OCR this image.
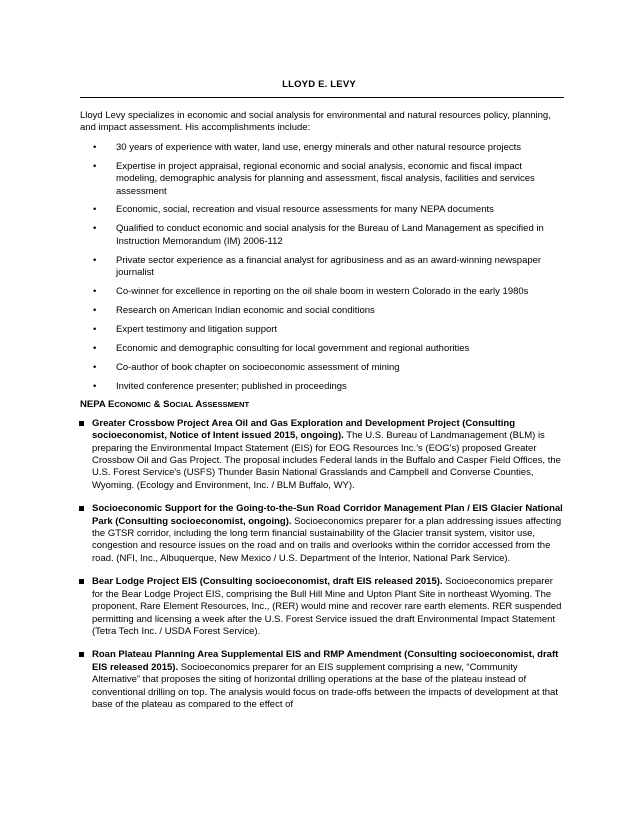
LLOYD E. LEVY

Lloyd Levy specializes in economic and social analysis for environmental and natural resources policy, planning, and impact assessment. His accomplishments include:

• 30 years of experience with water, land use, energy minerals and other natural resource projects
• Expertise in project appraisal, regional economic and social analysis, economic and fiscal impact modeling, demographic analysis for planning and assessment, fiscal analysis, facilities and services assessment
• Economic, social, recreation and visual resource assessments for many NEPA documents
• Qualified to conduct economic and social analysis for the Bureau of Land Management as specified in Instruction Memorandum (IM) 2006-112
• Private sector experience as a financial analyst for agribusiness and as an award-winning newspaper journalist
• Co-winner for excellence in reporting on the oil shale boom in western Colorado in the early 1980s
• Research on American Indian economic and social conditions
• Expert testimony and litigation support
• Economic and demographic consulting for local government and regional authorities
• Co-author of book chapter on socioeconomic assessment of mining
• Invited conference presenter; published in proceedings
NEPA ECONOMIC & SOCIAL ASSESSMENT
Greater Crossbow Project Area Oil and Gas Exploration and Development Project (Consulting socioeconomist, Notice of Intent issued 2015, ongoing). The U.S. Bureau of Landmanagement (BLM) is preparing the Environmental Impact Statement (EIS) for EOG Resources Inc.'s (EOG's) proposed Greater Crossbow Oil and Gas Project. The proposal includes Federal lands in the Buffalo and Casper Field Offices, the U.S. Forest Service's (USFS) Thunder Basin National Grasslands and Campbell and Converse Counties, Wyoming. (Ecology and Environment, Inc. / BLM Buffalo, WY).
Socioeconomic Support for the Going-to-the-Sun Road Corridor Management Plan / EIS Glacier National Park (Consulting socioeconomist, ongoing). Socioeconomics preparer for a plan addressing issues affecting the GTSR corridor, including the long term financial sustainability of the Glacier transit system, visitor use, congestion and resource issues on the road and on trails and overlooks within the corridor accessed from the road. (NFI, Inc., Albuquerque, New Mexico / U.S. Department of the Interior, National Park Service).
Bear Lodge Project EIS (Consulting socioeconomist, draft EIS released 2015). Socioeconomics preparer for the Bear Lodge Project EIS, comprising the Bull Hill Mine and Upton Plant Site in northeast Wyoming. The proponent, Rare Element Resources, Inc., (RER) would mine and recover rare earth elements. RER suspended permitting and licensing a week after the U.S. Forest Service issued the draft Environmental Impact Statement (Tetra Tech Inc. / USDA Forest Service).
Roan Plateau Planning Area Supplemental EIS and RMP Amendment (Consulting socioeconomist, draft EIS released 2015). Socioeconomics preparer for an EIS supplement comprising a new, “Community Alternative” that proposes the siting of horizontal drilling operations at the base of the plateau instead of conventional drilling on top. The analysis would focus on trade-offs between the impacts of development at that base of the plateau as compared to the effect of
